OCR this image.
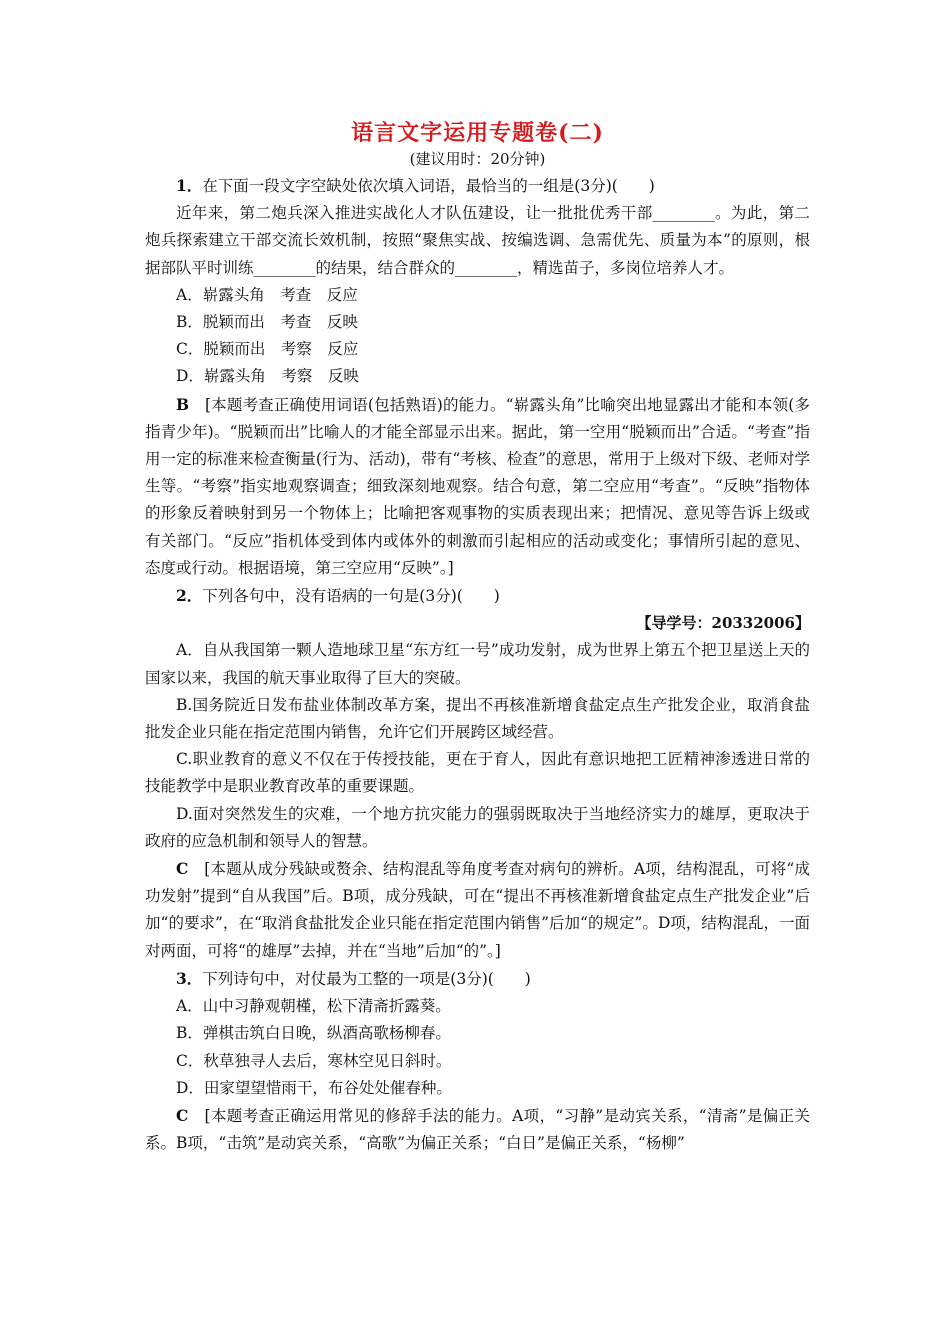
语言文字运用专题卷(二)
(建议用时：20分钟)

1．在下面一段文字空缺处依次填入词语，最恰当的一组是(3分)(　　)

近年来，第二炮兵深入推进实战化人才队伍建设，让一批批优秀干部________。为此，第二炮兵探索建立干部交流长效机制，按照“聚焦实战、按编选调、急需优先、质量为本”的原则，根据部队平时训练________的结果，结合群众的________，精选苗子，多岗位培养人才。

A．崭露头角　考查　反应

B．脱颖而出　考查　反映

C．脱颖而出　考察　反应

D．崭露头角　考察　反映

B　[本题考查正确使用词语(包括熟语)的能力。“崭露头角”比喻突出地显露出才能和本领(多指青少年)。“脱颖而出”比喻人的才能全部显示出来。据此，第一空用“脱颖而出”合适。“考查”指用一定的标准来检查衡量(行为、活动)，带有“考核、检查”的意思，常用于上级对下级、老师对学生等。“考察”指实地观察调查；细致深刻地观察。结合句意，第二空应用“考查”。“反映”指物体的形象反着映射到另一个物体上；比喻把客观事物的实质表现出来；把情况、意见等告诉上级或有关部门。“反应”指机体受到体内或体外的刺激而引起相应的活动或变化；事情所引起的意见、态度或行动。根据语境，第三空应用“反映”。]

2．下列各句中，没有语病的一句是(3分)(　　)

【导学号：20332006】

A．自从我国第一颗人造地球卫星“东方红一号”成功发射，成为世界上第五个把卫星送上天的国家以来，我国的航天事业取得了巨大的突破。

B.国务院近日发布盐业体制改革方案，提出不再核准新增食盐定点生产批发企业，取消食盐批发企业只能在指定范围内销售，允许它们开展跨区域经营。

C.职业教育的意义不仅在于传授技能，更在于育人，因此有意识地把工匠精神渗透进日常的技能教学中是职业教育改革的重要课题。

D.面对突然发生的灾难，一个地方抗灾能力的强弱既取决于当地经济实力的雄厚，更取决于政府的应急机制和领导人的智慧。

C　[本题从成分残缺或赘余、结构混乱等角度考查对病句的辨析。A项，结构混乱，可将“成功发射”提到“自从我国”后。B项，成分残缺，可在“提出不再核准新增食盐定点生产批发企业”后加“的要求”，在“取消食盐批发企业只能在指定范围内销售”后加“的规定”。D项，结构混乱，一面对两面，可将“的雄厚”去掉，并在“当地”后加“的”。]

3．下列诗句中，对仗最为工整的一项是(3分)(　　)

A．山中习静观朝槿，松下清斋折露葵。

B．弹棋击筑白日晚，纵酒高歌杨柳春。

C．秋草独寻人去后，寒林空见日斜时。

D．田家望望惜雨干，布谷处处催春种。

C　[本题考查正确运用常见的修辞手法的能力。A项，“习静”是动宾关系，“清斋”是偏正关系。B项，“击筑”是动宾关系，“高歌”为偏正关系；“白日”是偏正关系，“杨柳”
